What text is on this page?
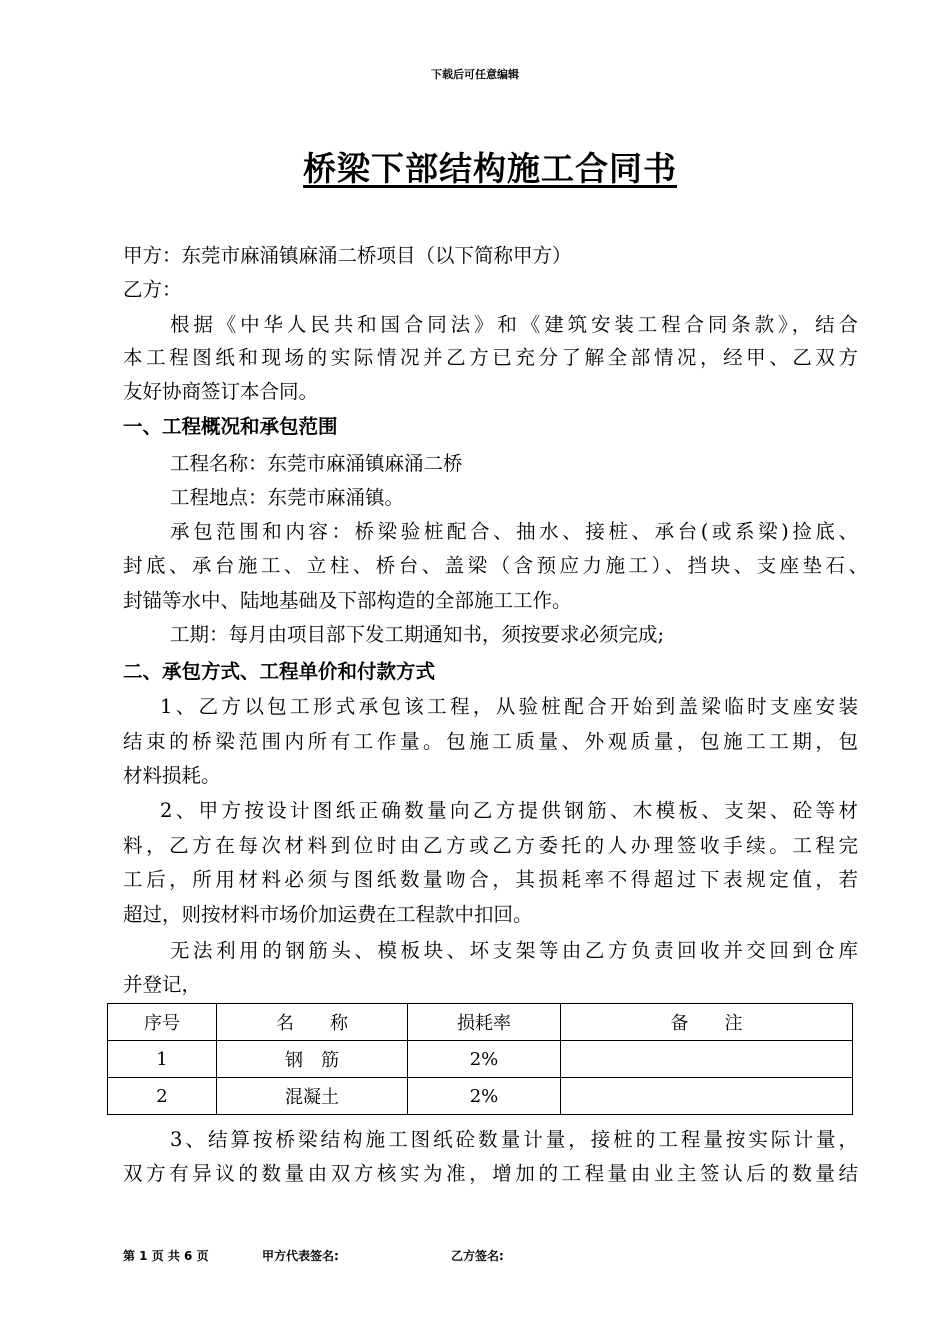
下载后可任意编辑
桥梁下部结构施工合同书
甲方：东莞市麻涌镇麻涌二桥项目（以下简称甲方）
乙方：
根据《中华人民共和国合同法》和《建筑安装工程合同条款》，结合
本工程图纸和现场的实际情况并乙方已充分了解全部情况，经甲、乙双方
友好协商签订本合同。
一、工程概况和承包范围
工程名称：东莞市麻涌镇麻涌二桥
工程地点：东莞市麻涌镇。
承包范围和内容：桥梁验桩配合、抽水、接桩、承台(或系梁)捡底、
封底、承台施工、立柱、桥台、盖梁（含预应力施工）、挡块、支座垫石、
封锚等水中、陆地基础及下部构造的全部施工工作。
工期：每月由项目部下发工期通知书，须按要求必须完成;
二、承包方式、工程单价和付款方式
1、乙方以包工形式承包该工程，从验桩配合开始到盖梁临时支座安装
结束的桥梁范围内所有工作量。包施工质量、外观质量，包施工工期，包
材料损耗。
2、甲方按设计图纸正确数量向乙方提供钢筋、木模板、支架、砼等材
料，乙方在每次材料到位时由乙方或乙方委托的人办理签收手续。工程完
工后，所用材料必须与图纸数量吻合，其损耗率不得超过下表规定值，若
超过，则按材料市场价加运费在工程款中扣回。
无法利用的钢筋头、模板块、坏支架等由乙方负责回收并交回到仓库
并登记，
序号	名　　称	损耗率	备　　注
1	钢　筋	2%	
2	混凝土	2%	
3、结算按桥梁结构施工图纸砼数量计量，接桩的工程量按实际计量，
双方有异议的数量由双方核实为准，增加的工程量由业主签认后的数量结
第 1 页 共 6 页	甲方代表签名:	乙方签名:
